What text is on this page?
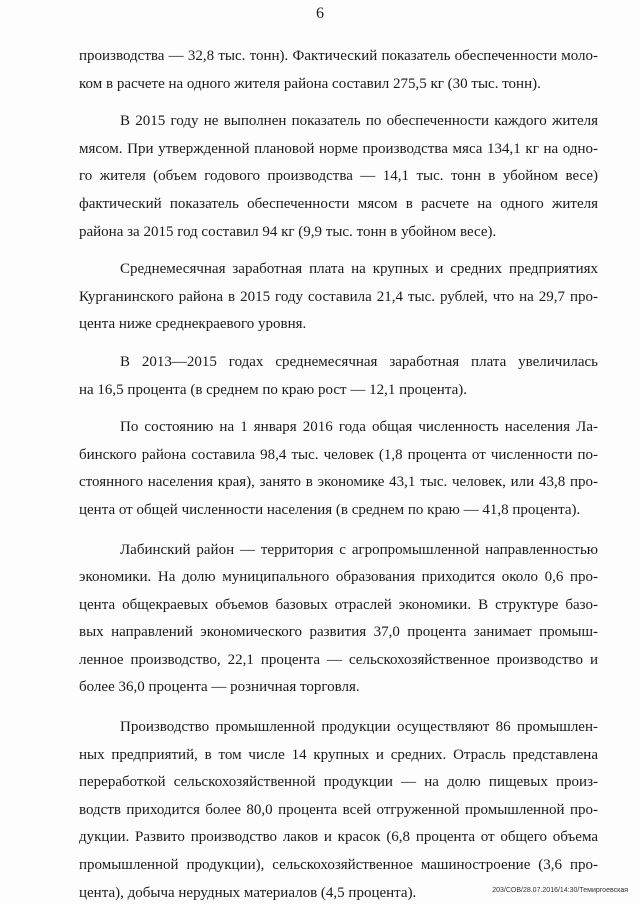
6

производства — 32,8 тыс. тонн). Фактический показатель обеспеченности моло-
ком в расчете на одного жителя района составил 275,5 кг (30 тыс. тонн).

В 2015 году не выполнен показатель по обеспеченности каждого жителя
мясом. При утвержденной плановой норме производства мяса 134,1 кг на одно-
го жителя (объем годового производства — 14,1 тыс. тонн в убойном весе)
фактический показатель обеспеченности мясом в расчете на одного жителя
района за 2015 год составил 94 кг (9,9 тыс. тонн в убойном весе).

Среднемесячная заработная плата на крупных и средних предприятиях
Курганинского района в 2015 году составила 21,4 тыс. рублей, что на 29,7 про-
цента ниже среднекраевого уровня.

В 2013—2015 годах среднемесячная заработная плата увеличилась
на 16,5 процента (в среднем по краю рост — 12,1 процента).

По состоянию на 1 января 2016 года общая численность населения Ла-
бинского района составила 98,4 тыс. человек (1,8 процента от численности по-
стоянного населения края), занято в экономике 43,1 тыс. человек, или 43,8 про-
цента от общей численности населения (в среднем по краю — 41,8 процента).

Лабинский район — территория с агропромышленной направленностью
экономики. На долю муниципального образования приходится около 0,6 про-
цента общекраевых объемов базовых отраслей экономики. В структуре базо-
вых направлений экономического развития 37,0 процента занимает промыш-
ленное производство, 22,1 процента — сельскохозяйственное производство и
более 36,0 процента — розничная торговля.

Производство промышленной продукции осуществляют 86 промышлен-
ных предприятий, в том числе 14 крупных и средних. Отрасль представлена
переработкой сельскохозяйственной продукции — на долю пищевых произ-
водств приходится более 80,0 процента всей отгруженной промышленной про-
дукции. Развито производство лаков и красок (6,8 процента от общего объема
промышленной продукции), сельскохозяйственное машиностроение (3,6 про-
цента), добыча нерудных материалов (4,5 процента).	203/COB/28.07.2016/14:30/Темиргоевская
